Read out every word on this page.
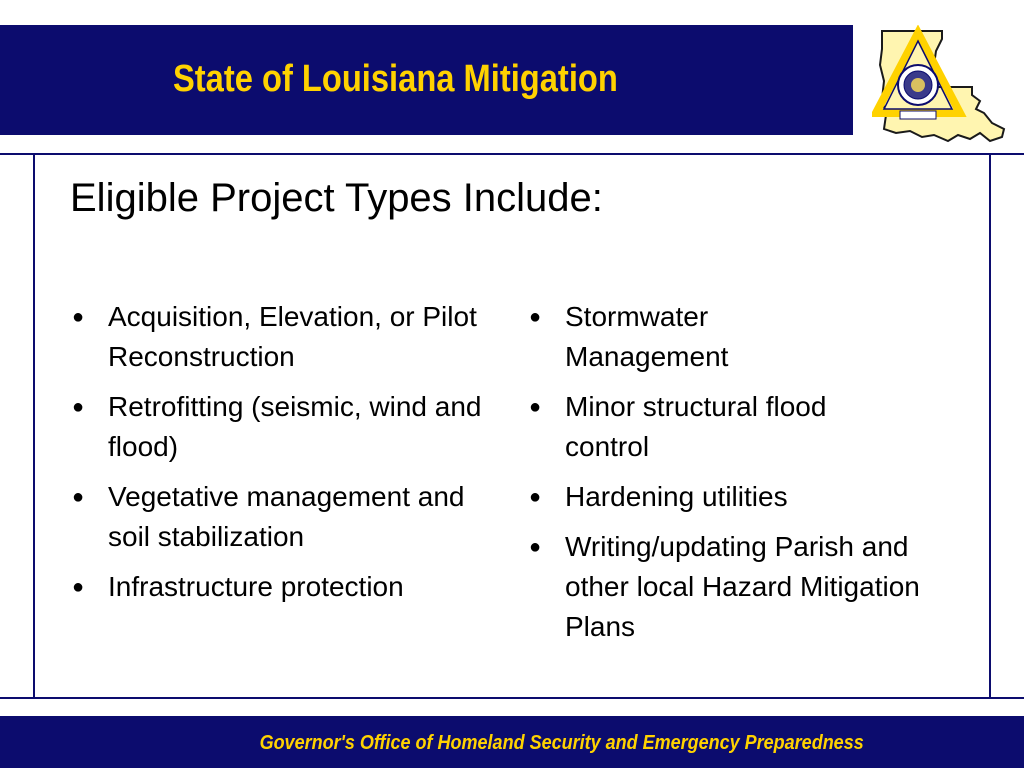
State of Louisiana Mitigation
Eligible Project Types Include:
● Acquisition, Elevation, or Pilot Reconstruction
● Retrofitting (seismic, wind and flood)
● Vegetative management and soil stabilization
● Infrastructure protection
● Stormwater Management
● Minor structural flood control
● Hardening utilities
● Writing/updating Parish and other local Hazard Mitigation Plans
Governor's Office of Homeland Security and Emergency Preparedness
